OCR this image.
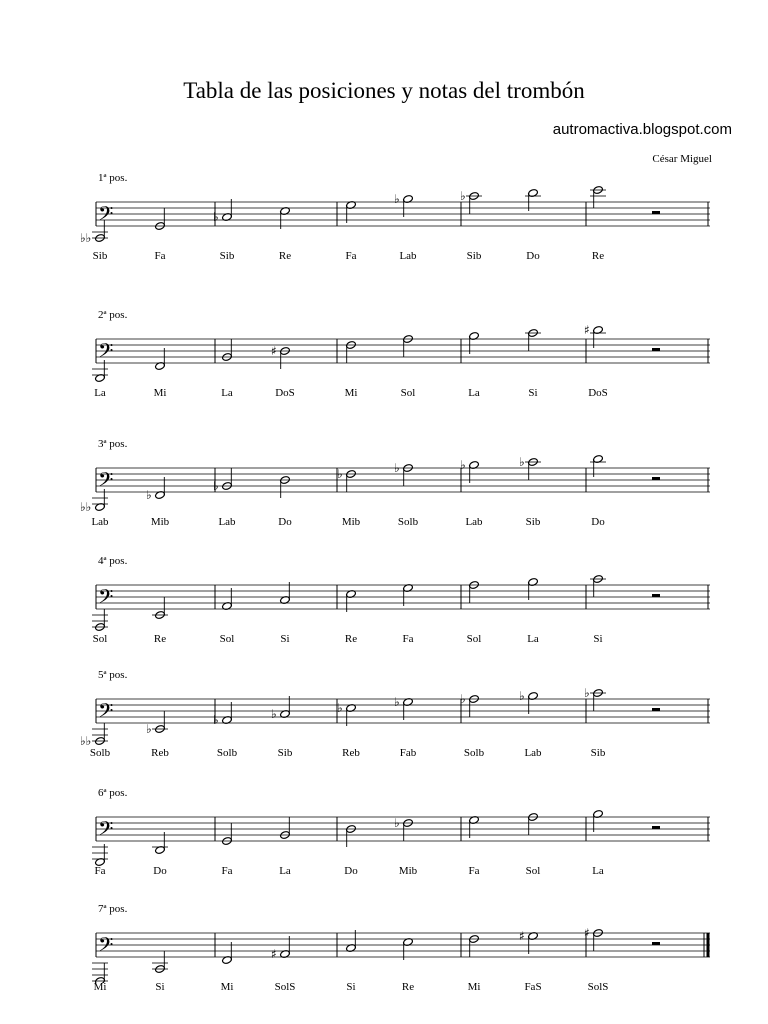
Tabla de las posiciones y notas del trombón
autromactiva.blogspot.com
César Miguel
1ª pos.
𝄢
♭♭
♭
♭	♭
Sib	Fa	Sib	Re	Fa	Lab	Sib	Do	Re
2ª pos.
𝄢	♯
♯
La	Mi	La	DoS	Mi	Sol	La	Si	DoS
3ª pos.
𝄢
♭♭
♭
♭
♭	♭	♭	♭
Lab	Mib	Lab	Do	Mib	Solb	Lab	Sib	Do
4ª pos.
𝄢
Sol	Re	Sol	Si	Re	Fa	Sol	La	Si
5ª pos.
𝄢
♭♭
♭
♭	♭	♭	♭	♭	♭	♭
Solb	Reb	Solb	Sib	Reb	Fab	Solb	Lab	Sib
6ª pos.
𝄢	♭
Fa	Do	Fa	La	Do	Mib	Fa	Sol	La
7ª pos.
𝄢	♯
♯	♯
Mi	Si	Mi	SolS	Si	Re	Mi	FaS	SolS
